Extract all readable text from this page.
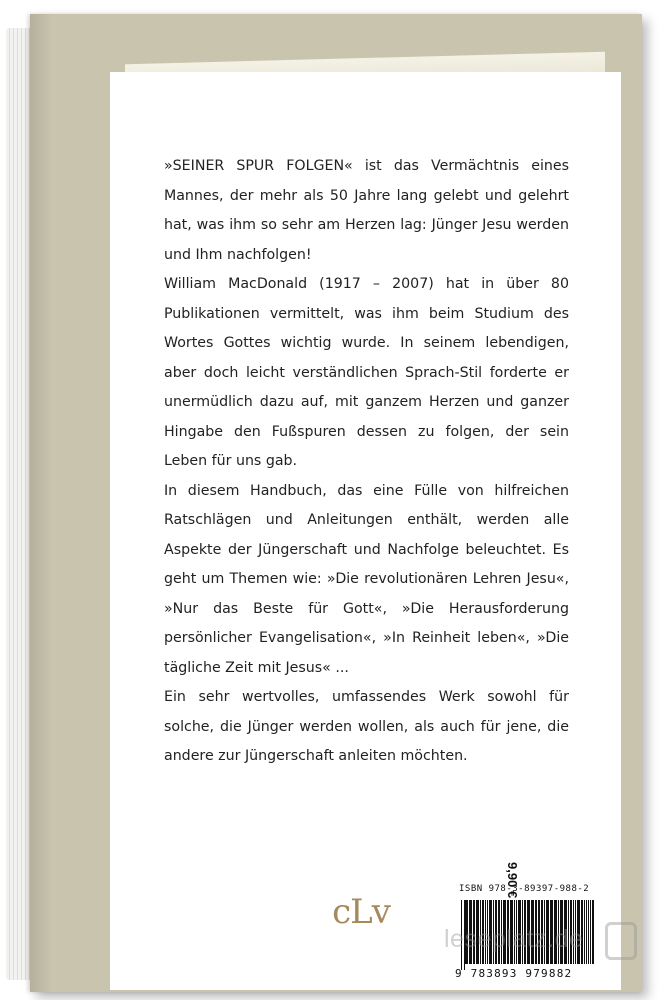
»SEINER SPUR FOLGEN« ist das Vermächtnis eines Mannes, der mehr als 50 Jahre lang gelebt und gelehrt hat, was ihm so sehr am Herzen lag: Jünger Jesu werden und Ihm nachfolgen!

William MacDonald (1917 – 2007) hat in über 80 Publikationen vermittelt, was ihm beim Studium des Wortes Gottes wichtig wurde. In seinem lebendigen, aber doch leicht verständlichen Sprach-Stil forderte er unermüdlich dazu auf, mit ganzem Herzen und ganzer Hingabe den Fußspuren dessen zu folgen, der sein Leben für uns gab.

In diesem Handbuch, das eine Fülle von hilfreichen Ratschlägen und Anleitungen enthält, werden alle Aspekte der Jüngerschaft und Nachfolge beleuchtet. Es geht um Themen wie: »Die revolutionären Lehren Jesu«, »Nur das Beste für Gott«, »Die Herausforderung persönlicher Evangelisation«, »In Reinheit leben«, »Die tägliche Zeit mit Jesus« ...

Ein sehr wertvolles, umfassendes Werk sowohl für solche, die Jünger werden wollen, als auch für jene, die andere zur Jüngerschaft anleiten möchten.

cLv
ISBN 978-3-89397-988-2
9 783893 979882
9,90 €
leseplatz.de
